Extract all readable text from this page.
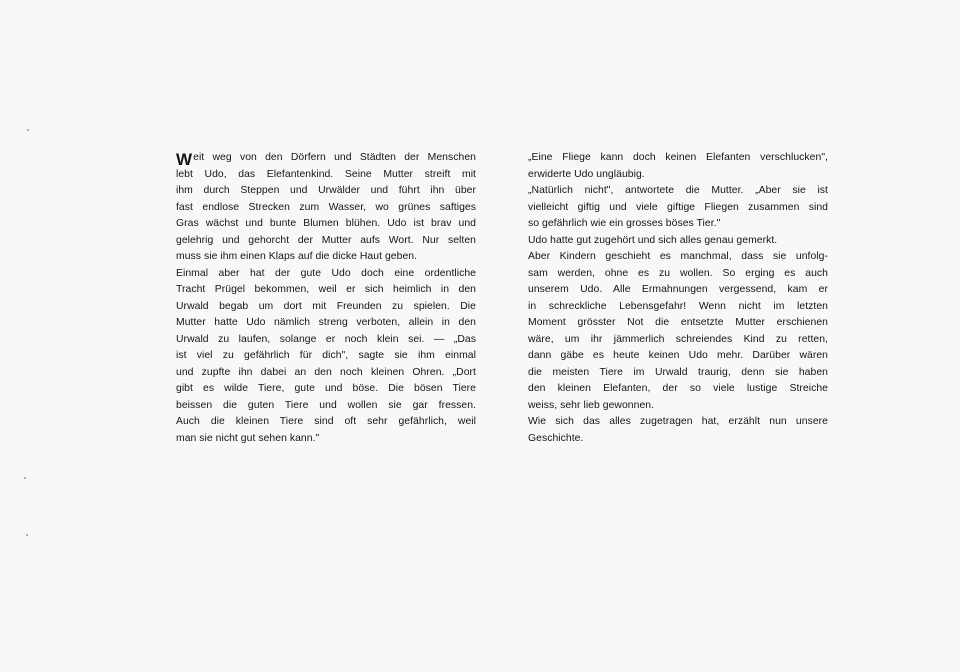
W eit weg von den Dörfern und Städten der Menschen
lebt Udo, das Elefantenkind. Seine Mutter streift mit
ihm durch Steppen und Urwälder und führt ihn über
fast endlose Strecken zum Wasser, wo grünes saftiges
Gras wächst und bunte Blumen blühen. Udo ist brav und
gelehrig und gehorcht der Mutter aufs Wort. Nur selten
muss sie ihm einen Klaps auf die dicke Haut geben.
Einmal aber hat der gute Udo doch eine ordentliche
Tracht Prügel bekommen, weil er sich heimlich in den
Urwald begab um dort mit Freunden zu spielen. Die
Mutter hatte Udo nämlich streng verboten, allein in den
Urwald zu laufen, solange er noch klein sei. — „Das
ist viel zu gefährlich für dich", sagte sie ihm einmal
und zupfte ihn dabei an den noch kleinen Ohren. „Dort
gibt es wilde Tiere, gute und böse. Die bösen Tiere
beissen die guten Tiere und wollen sie gar fressen.
Auch die kleinen Tiere sind oft sehr gefährlich, weil
man sie nicht gut sehen kann."
„Eine Fliege kann doch keinen Elefanten verschlucken",
erwiderte Udo ungläubig.
„Natürlich nicht", antwortete die Mutter. „Aber sie ist
vielleicht giftig und viele giftige Fliegen zusammen sind
so gefährlich wie ein grosses böses Tier."
Udo hatte gut zugehört und sich alles genau gemerkt.
Aber Kindern geschieht es manchmal, dass sie unfolg-
sam werden, ohne es zu wollen. So erging es auch
unserem Udo. Alle Ermahnungen vergessend, kam er
in schreckliche Lebensgefahr! Wenn nicht im letzten
Moment grösster Not die entsetzte Mutter erschienen
wäre, um ihr jämmerlich schreiendes Kind zu retten,
dann gäbe es heute keinen Udo mehr. Darüber wären
die meisten Tiere im Urwald traurig, denn sie haben
den kleinen Elefanten, der so viele lustige Streiche
weiss, sehr lieb gewonnen.
Wie sich das alles zugetragen hat, erzählt nun unsere
Geschichte.
